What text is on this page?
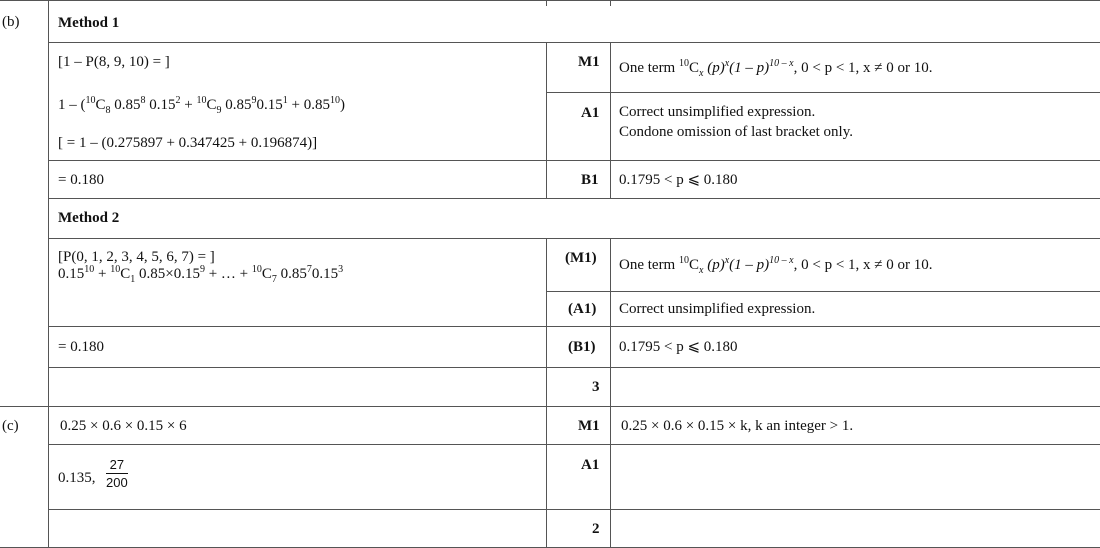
(b)
(c)
Method 1
[1 – P(8, 9, 10) = ]
$1 - (^{10}C_8$ 0.85$^8$ $0.15^2 + ^{10}C_9$ $0.85^90.15^1 + 0.85^{10}$)
[ = 1 – (0.275897 + 0.347425 + 0.196874)]
= 0.180
M1
A1
B1
One term $^{10}C_x$ $(p)^x(1 - p)^{10 - x}$, 0 < p < 1, x ≠ 0 or 10.
Correct unsimplified expression.
Condone omission of last bracket only.
0.1795 < p ⩽ 0.180
Method 2
[P(0, 1, 2, 3, 4, 5, 6, 7) = ]
$0.15^{10} + ^{10}C_1$ $0.85\times 0.15^9$ + … + $^{10}C_7$ $0.85^70.15^3$
= 0.180
(M1)
(A1)
(B1)
3
One term $^{10}C_x$ $(p)^x(1 - p)^{10 - x}$, 0 < p < 1, x ≠ 0 or 10.
Correct unsimplified expression.
0.1795 < p ⩽ 0.180
0.25 × 0.6 × 0.15 × 6
0.135, $\frac{27}{200}$
M1
A1
2
0.25 × 0.6 × 0.15 × k, k an integer > 1.
